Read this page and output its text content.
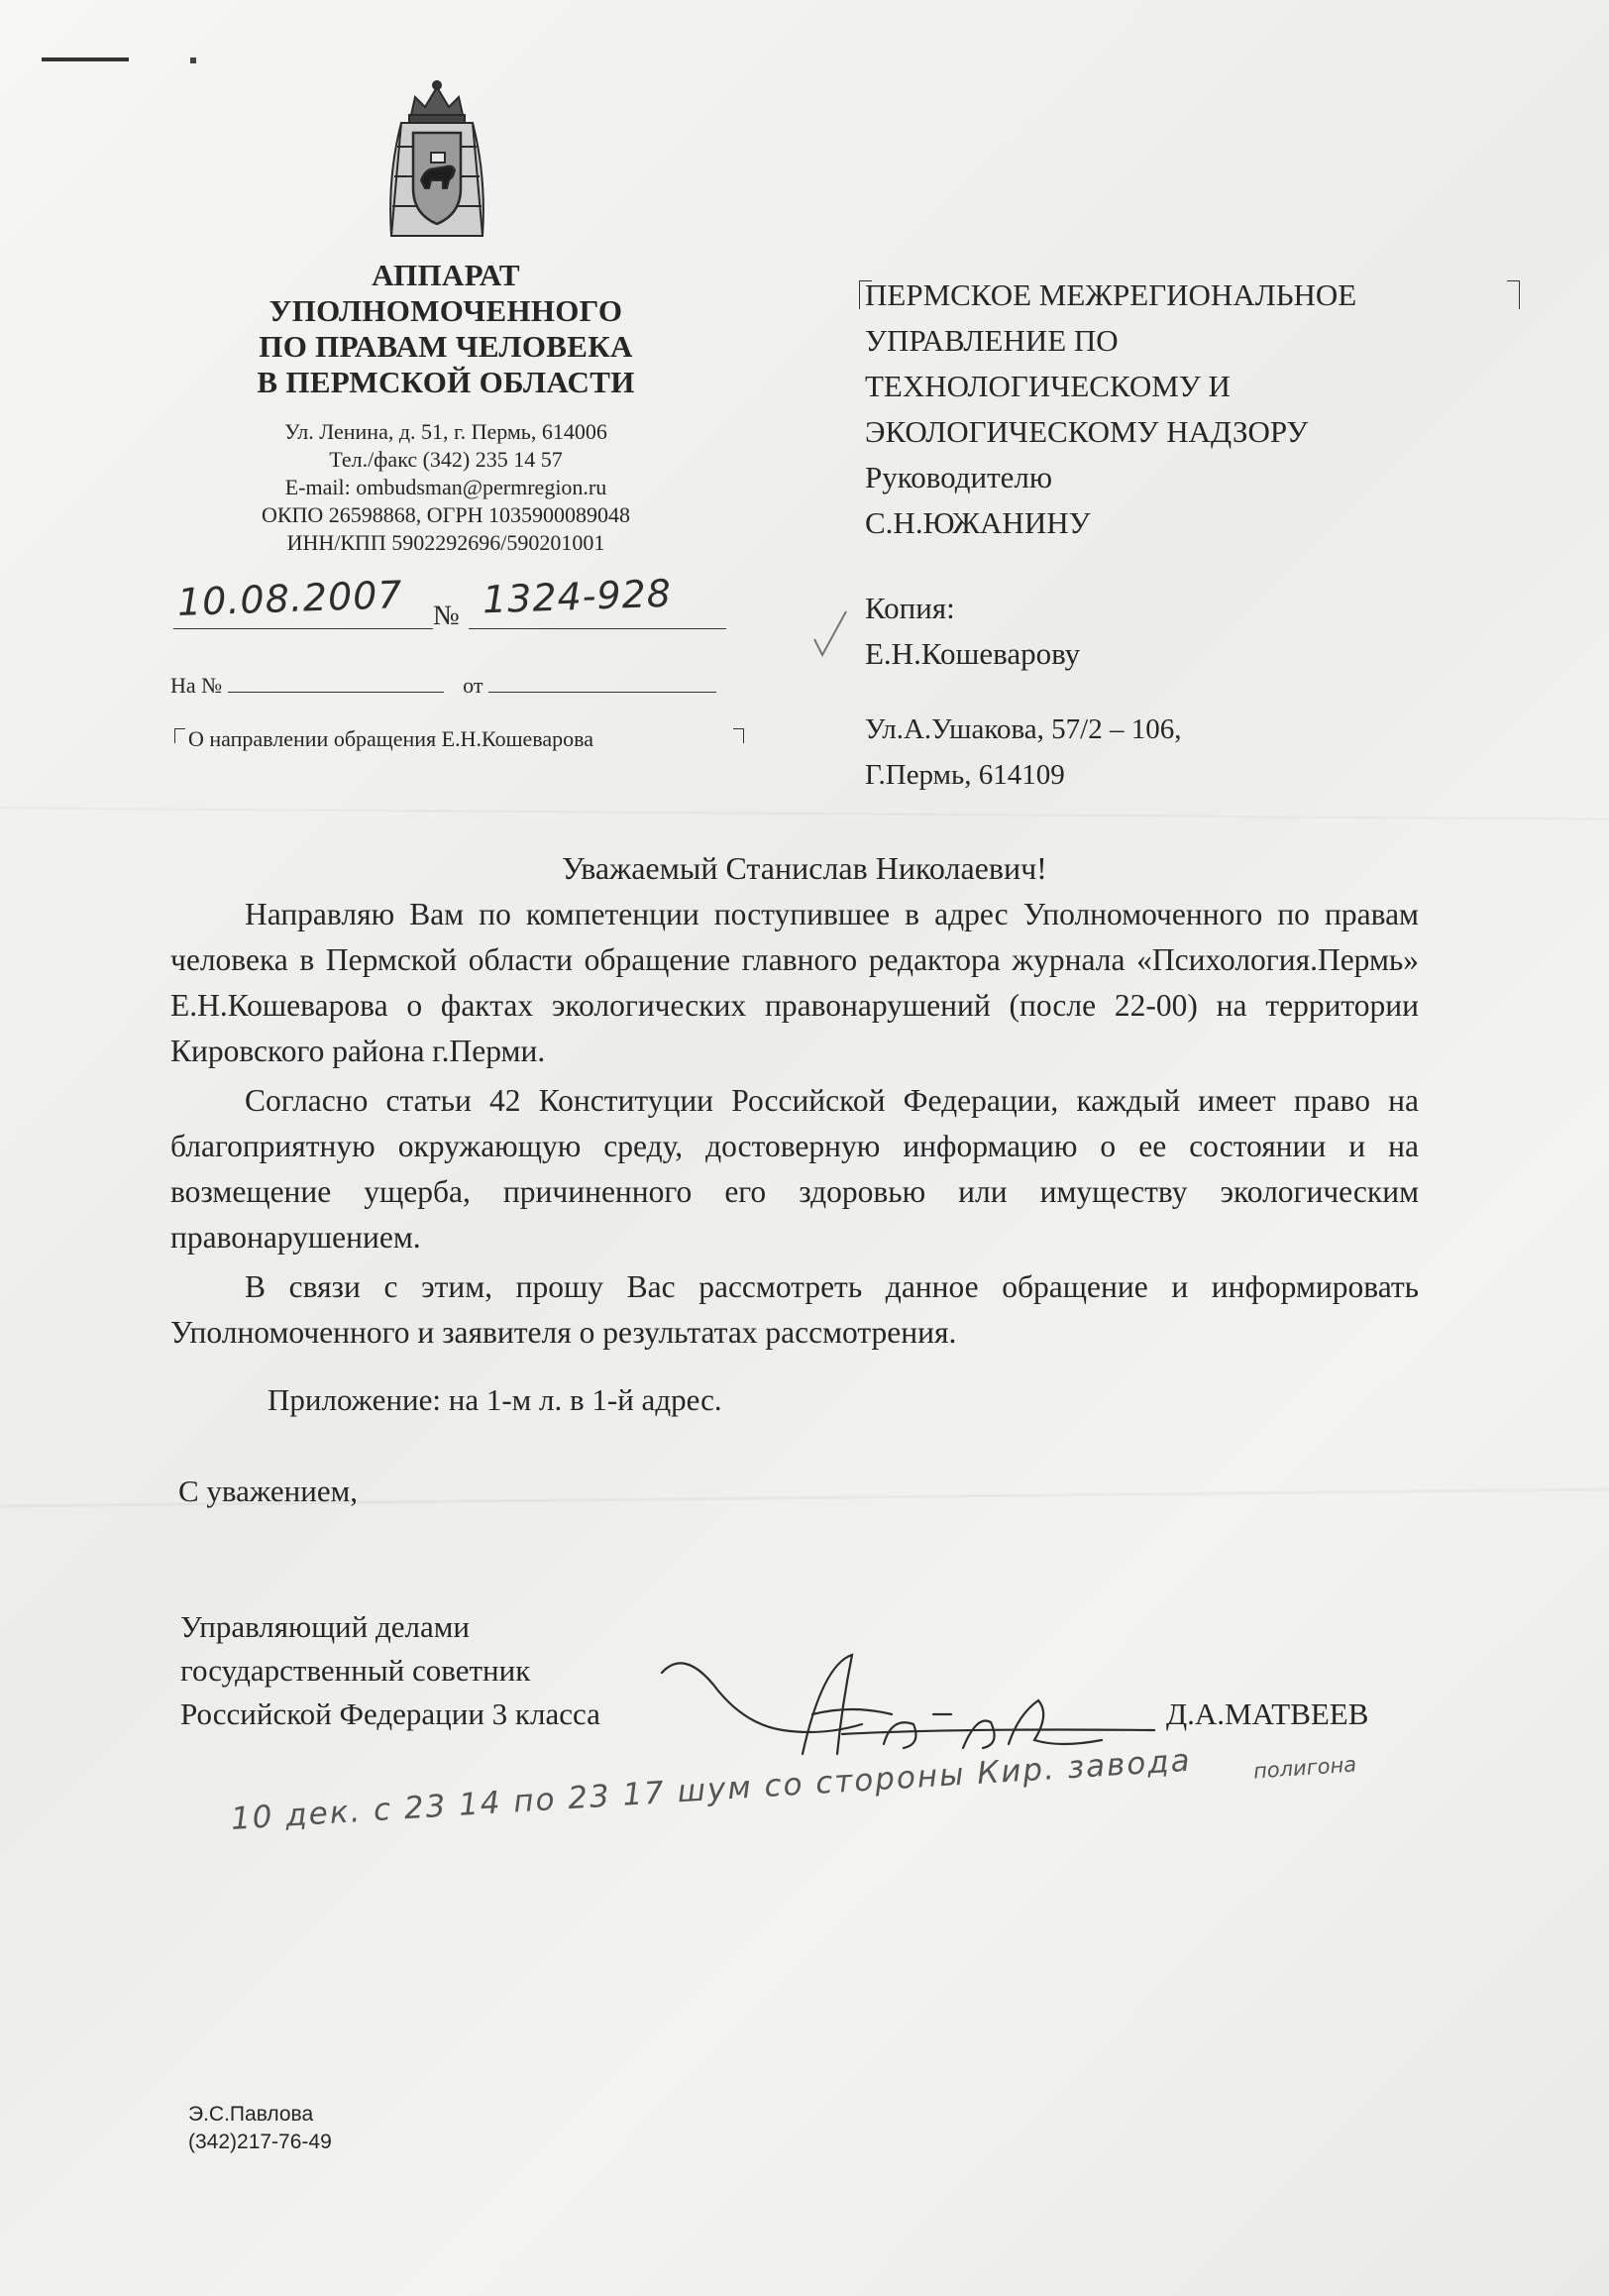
АППАРАТ
УПОЛНОМОЧЕННОГО
ПО ПРАВАМ ЧЕЛОВЕКА
В ПЕРМСКОЙ ОБЛАСТИ
Ул. Ленина, д. 51, г. Пермь, 614006
Тел./факс (342) 235 14 57
E-mail: ombudsman@permregion.ru
ОКПО 26598868, ОГРН 1035900089048
ИНН/КПП 5902292696/590201001
10.08.2007 № 1324-928
На №	от
О направлении обращения Е.Н.Кошеварова
ПЕРМСКОЕ МЕЖРЕГИОНАЛЬНОЕ
УПРАВЛЕНИЕ ПО
ТЕХНОЛОГИЧЕСКОМУ И
ЭКОЛОГИЧЕСКОМУ НАДЗОРУ
Руководителю
С.Н.ЮЖАНИНУ
Копия:
Е.Н.Кошеварову
Ул.А.Ушакова, 57/2 – 106,
Г.Пермь, 614109
Уважаемый Станислав Николаевич!

Направляю Вам по компетенции поступившее в адрес Уполномоченного по правам человека в Пермской области обращение главного редактора журнала «Психология.Пермь» Е.Н.Кошеварова о фактах экологических правонарушений (после 22-00) на территории Кировского района г.Перми.

Согласно статьи 42 Конституции Российской Федерации, каждый имеет право на благоприятную окружающую среду, достоверную информацию о ее состоянии и на возмещение ущерба, причиненного его здоровью или имуществу экологическим правонарушением.

В связи с этим, прошу Вас рассмотреть данное обращение и информировать Уполномоченного и заявителя о результатах рассмотрения.

Приложение: на 1-м л. в 1-й адрес.
С уважением,
Управляющий делами
государственный советник
Российской Федерации 3 класса	Д.А.МАТВЕЕВ
полигона
10 дек. с 23 14 по 23 17 шум со стороны Кир. завода
Э.С.Павлова
(342)217-76-49
